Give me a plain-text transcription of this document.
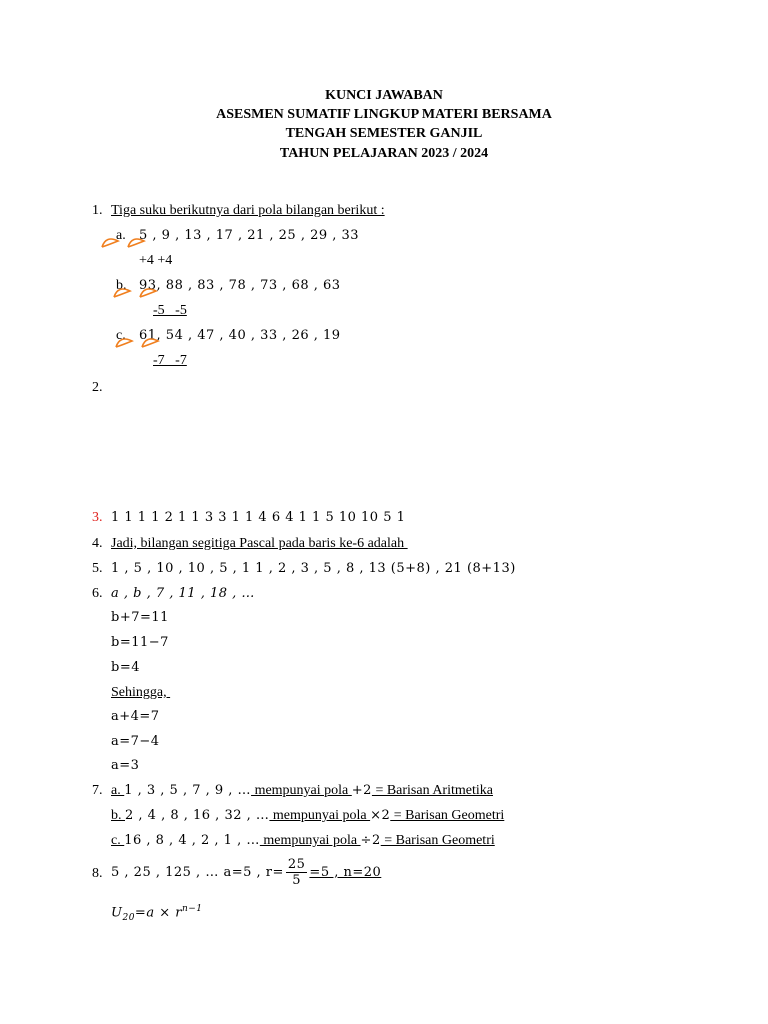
KUNCI JAWABAN
ASESMEN SUMATIF LINGKUP MATERI BERSAMA
TENGAH SEMESTER GANJIL
TAHUN PELAJARAN 2023 / 2024
1. Tiga suku berikutnya dari pola bilangan berikut :
a. 5 , 9 , 13 , 17 , 21 , 25 , 29 , 33
+4 +4
b. 93, 88 , 83 , 78 , 73 , 68 , 63
-5   -5
c. 61, 54 , 47 , 40 , 33 , 26 , 19
-7   -7
2.
3. 1 1 1 1 2 1 1 3 3 1 1 4 6 4 1 1 5 10 10 5 1
4. Jadi, bilangan segitiga Pascal pada baris ke-6 adalah
5. 1 , 5 , 10 , 10 , 5 , 1 1 , 2 , 3 , 5 , 8 , 13 (5+8) , 21 (8+13)
6. a , b , 7 , 11 , 18 , …
b+7=11
b=11−7
b=4
Sehingga,
a+4=7
a=7−4
a=3
7. a. 1 , 3 , 5 , 7 , 9 , … mempunyai pola +2 = Barisan Aritmetika
b. 2 , 4 , 8 , 16 , 32 , … mempunyai pola ×2 = Barisan Geometri
c. 16 , 8 , 4 , 2 , 1 , … mempunyai pola ÷2 = Barisan Geometri
8. 5 , 25 , 125 , … a=5 , $r= \frac{25}{5} =5$ , n=20
$U_{20}=a \times r^{n-1}$
